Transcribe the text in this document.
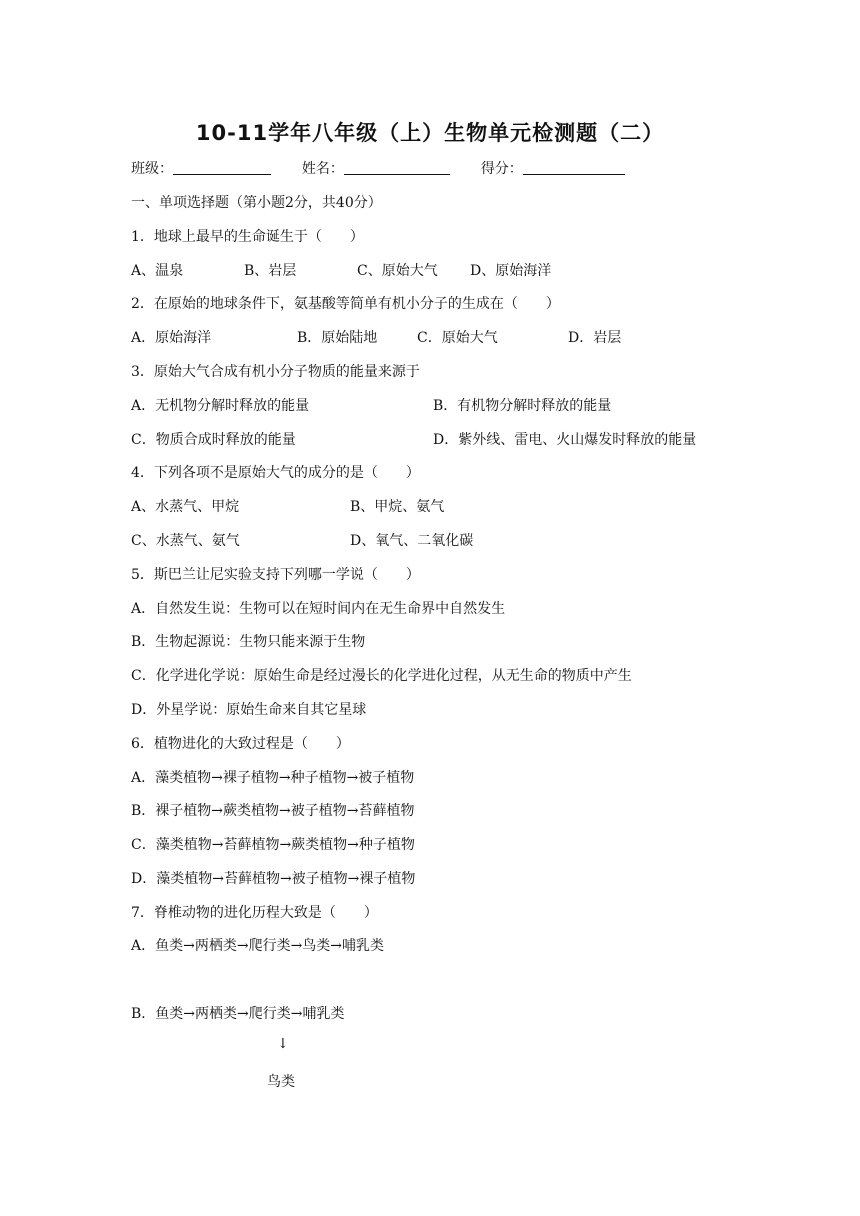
10-11学年八年级（上）生物单元检测题（二）
班级：	姓名：	得分：
一、单项选择题（第小题2分，共40分）
1．地球上最早的生命诞生于（　　）
A、温泉	B、岩层	C、原始大气 D、原始海洋
2．在原始的地球条件下，氨基酸等简单有机小分子的生成在（　　）
A．原始海洋	B．原始陆地	C．原始大气	D．岩层
3．原始大气合成有机小分子物质的能量来源于
A．无机物分解时释放的能量	B．有机物分解时释放的能量
C．物质合成时释放的能量	D．紫外线、雷电、火山爆发时释放的能量
4．下列各项不是原始大气的成分的是（　　）
A、水蒸气、甲烷	B、甲烷、氨气
C、水蒸气、氨气	D、氧气、二氧化碳
5．斯巴兰让尼实验支持下列哪一学说（　　）
A．自然发生说：生物可以在短时间内在无生命界中自然发生
B．生物起源说：生物只能来源于生物
C．化学进化学说：原始生命是经过漫长的化学进化过程，从无生命的物质中产生
D．外星学说：原始生命来自其它星球
6．植物进化的大致过程是（　　）
A．藻类植物→裸子植物→种子植物→被子植物
B．裸子植物→蕨类植物→被子植物→苔藓植物
C．藻类植物→苔藓植物→蕨类植物→种子植物
D．藻类植物→苔藓植物→被子植物→裸子植物
7．脊椎动物的进化历程大致是（　　）
A．鱼类→两栖类→爬行类→鸟类→哺乳类
B．鱼类→两栖类→爬行类→哺乳类
↓
鸟类
